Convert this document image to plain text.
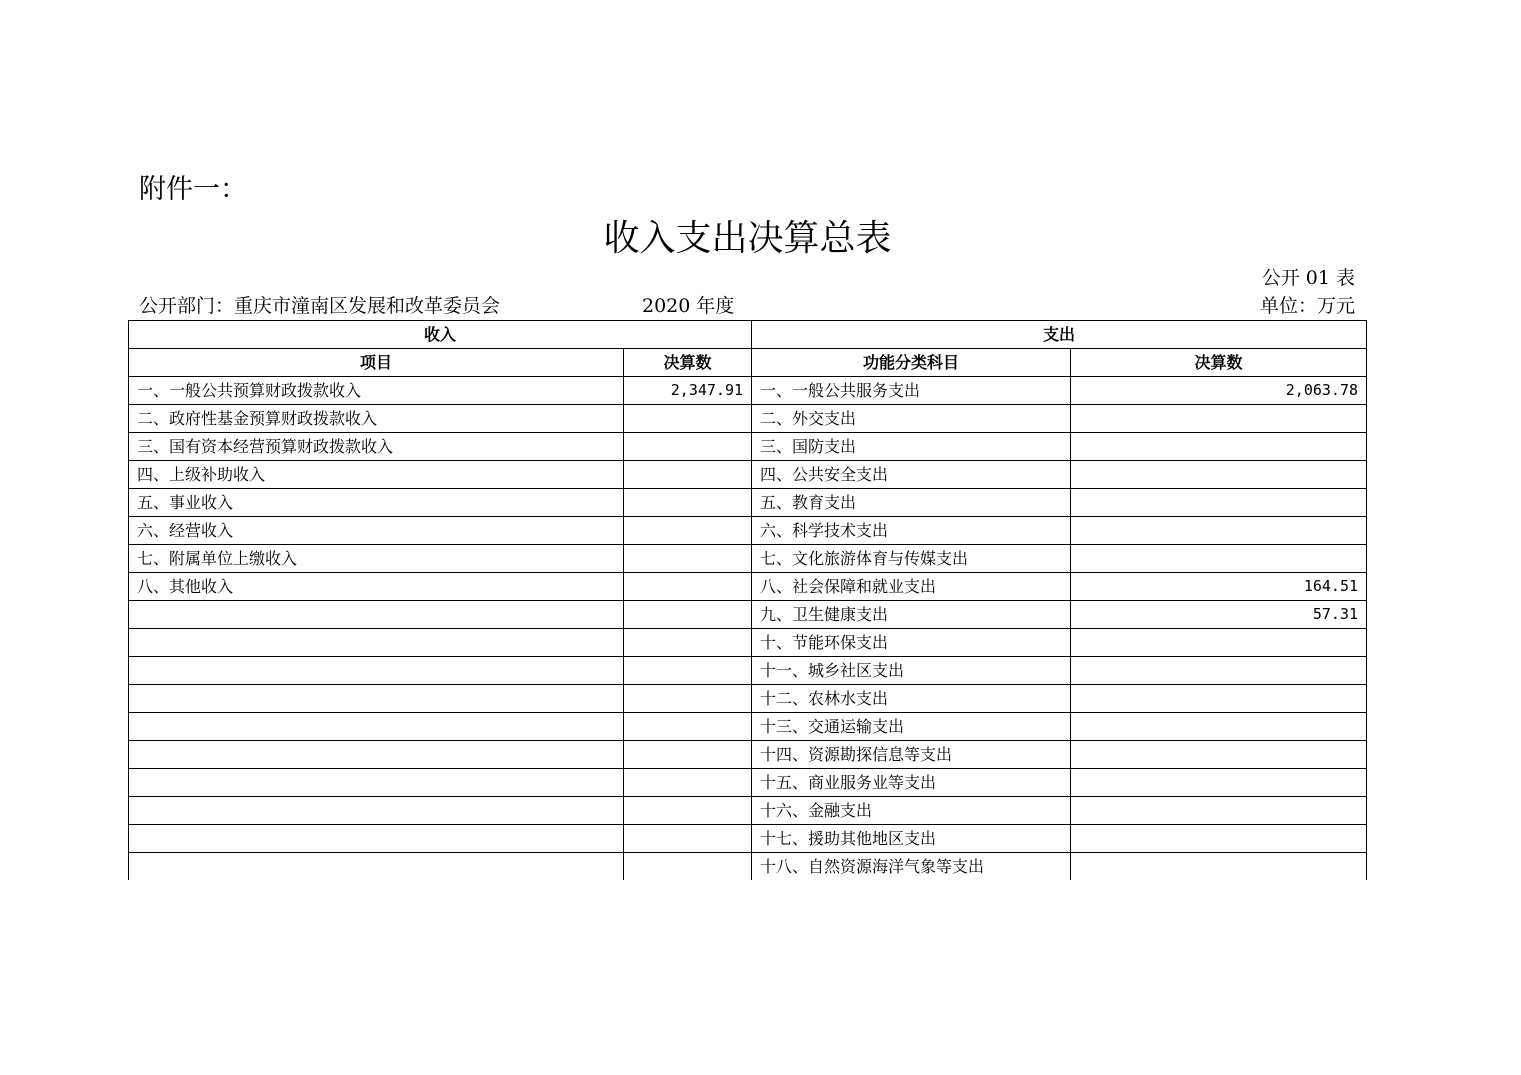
附件一：
收入支出决算总表
公开 01 表
公开部门：重庆市潼南区发展和改革委员会	2020 年度	单位：万元
收入		支出	
项目	决算数	功能分类科目	决算数
一、一般公共预算财政拨款收入	2,347.91	一、一般公共服务支出	2,063.78
二、政府性基金预算财政拨款收入		二、外交支出	
三、国有资本经营预算财政拨款收入		三、国防支出	
四、上级补助收入		四、公共安全支出	
五、事业收入		五、教育支出	
六、经营收入		六、科学技术支出	
七、附属单位上缴收入		七、文化旅游体育与传媒支出	
八、其他收入		八、社会保障和就业支出	164.51
		九、卫生健康支出	57.31
		十、节能环保支出	
		十一、城乡社区支出	
		十二、农林水支出	
		十三、交通运输支出	
		十四、资源勘探信息等支出	
		十五、商业服务业等支出	
		十六、金融支出	
		十七、援助其他地区支出	
		十八、自然资源海洋气象等支出	
